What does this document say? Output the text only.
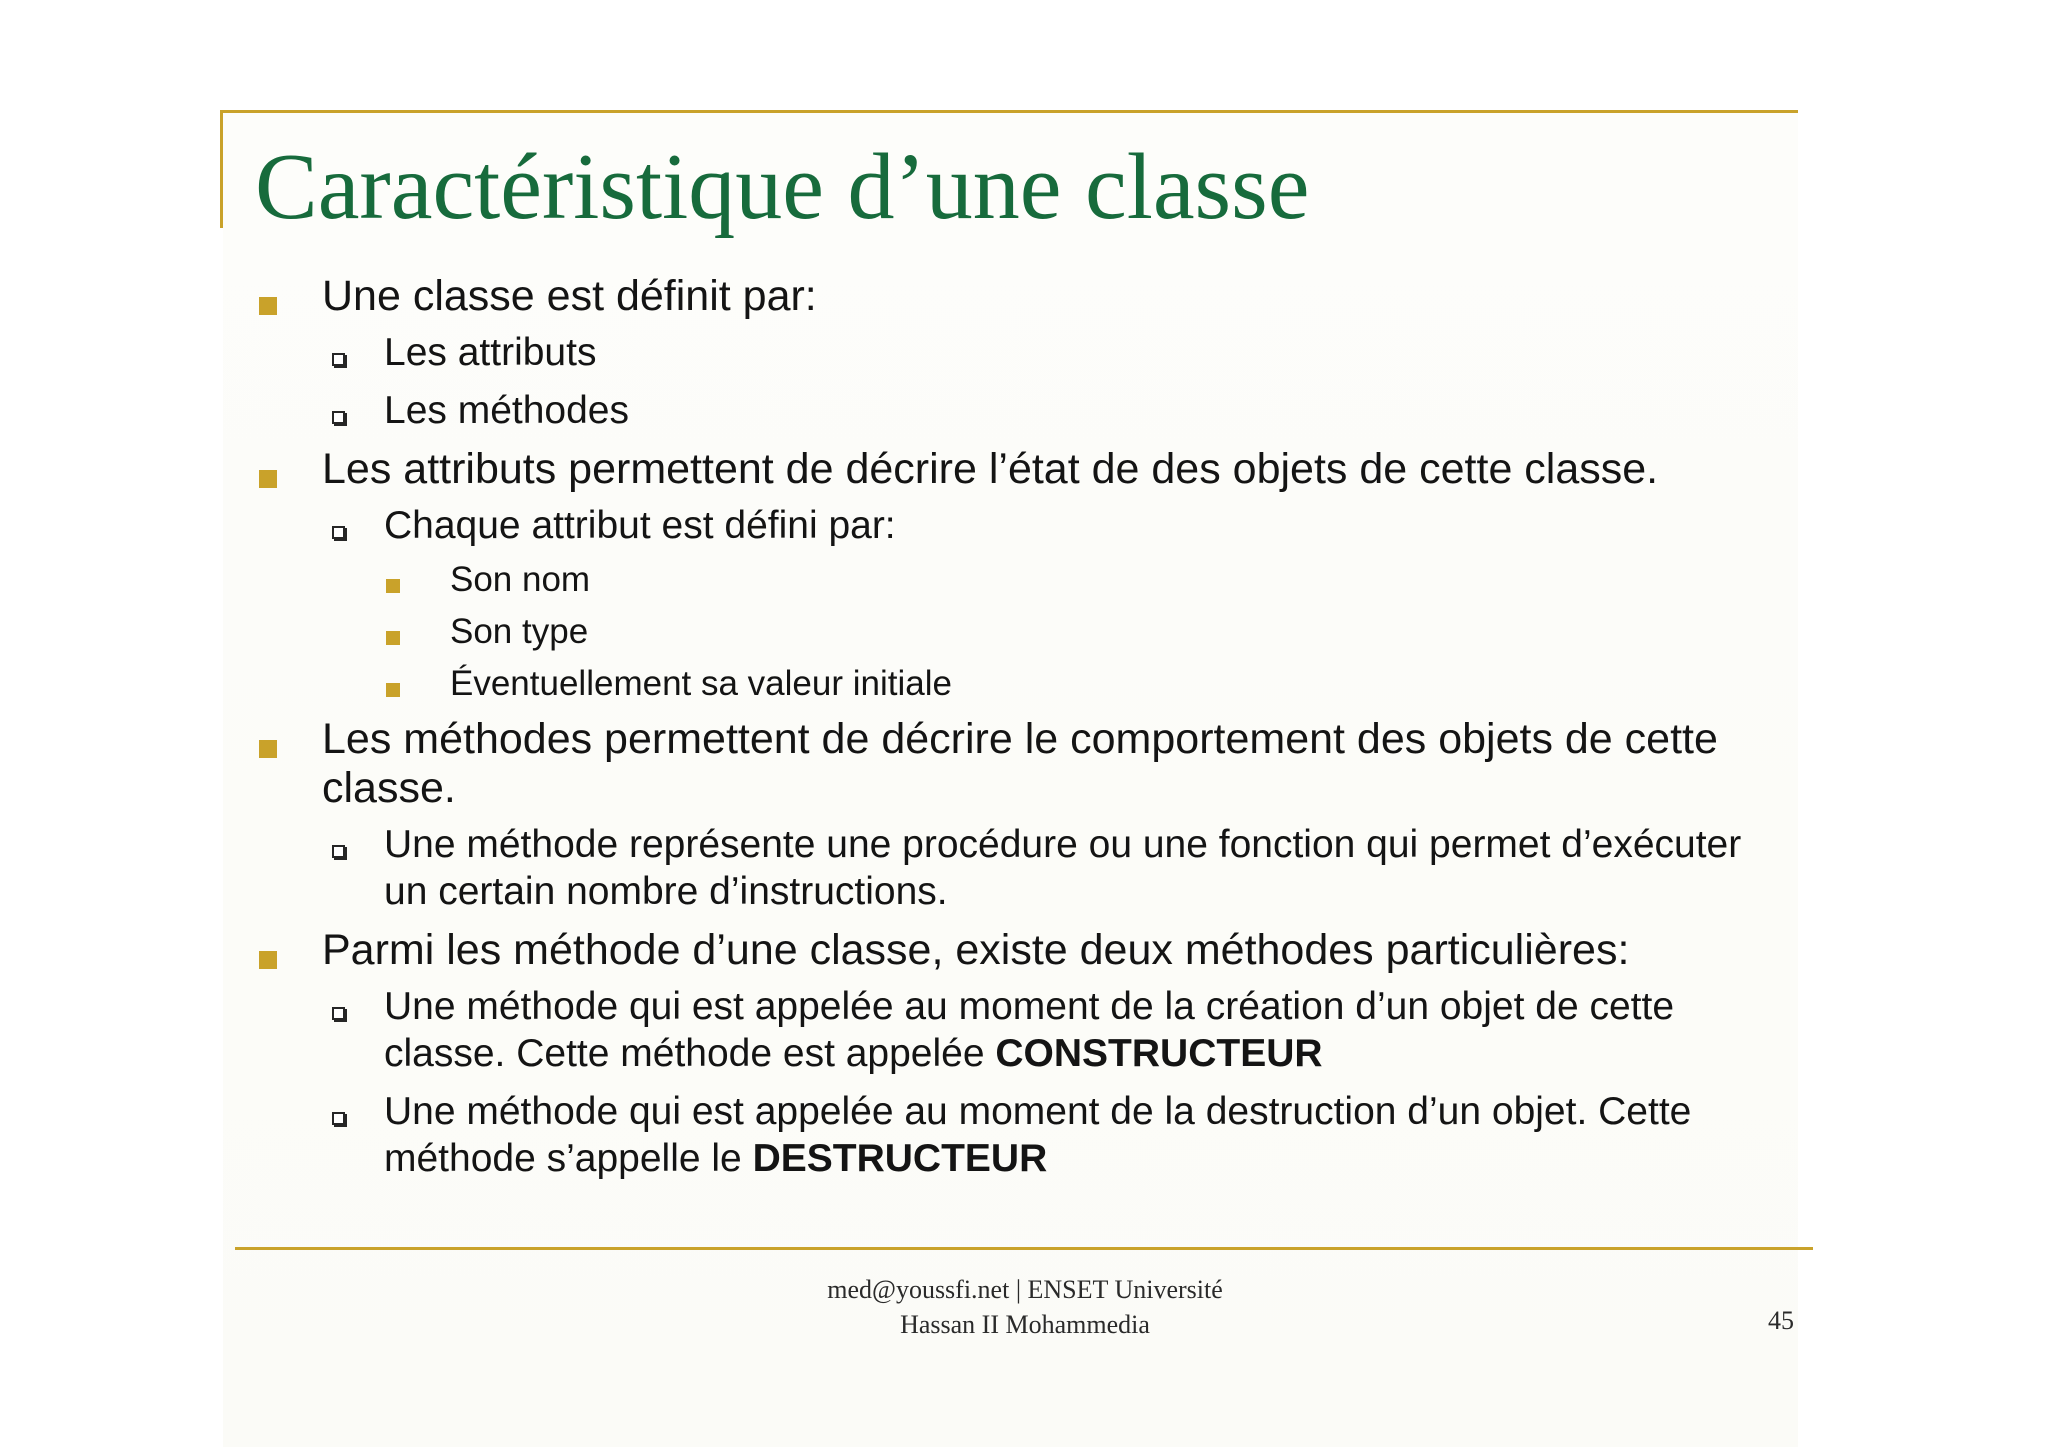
Caractéristique d’une classe
Une classe est définit par:
Les attributs
Les méthodes
Les attributs permettent de décrire l’état de des objets de cette classe.
Chaque attribut est défini par:
Son nom
Son type
Éventuellement sa valeur initiale
Les méthodes permettent de décrire le comportement des objets de cette classe.
Une méthode représente une procédure ou une fonction qui permet d’exécuter un certain nombre d’instructions.
Parmi les méthode d’une classe, existe deux méthodes particulières:
Une méthode qui est appelée au moment de la création d’un objet de cette classe. Cette méthode est appelée CONSTRUCTEUR
Une méthode qui est appelée au moment de la destruction d’un objet. Cette méthode s’appelle le DESTRUCTEUR
med@youssfi.net | ENSET Université
Hassan II Mohammedia	45
